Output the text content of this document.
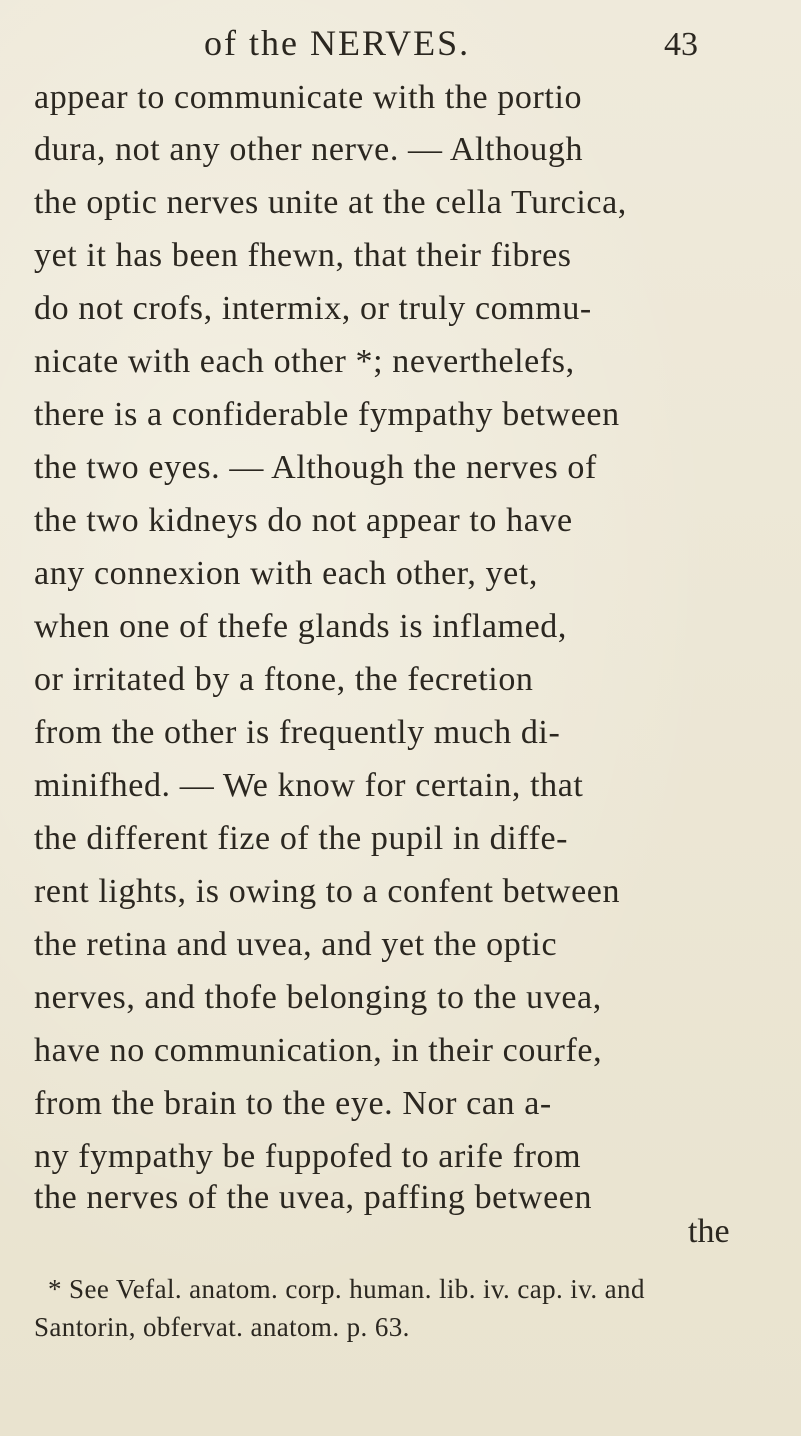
of the NERVES.	43
appear to communicate with the portio
dura, not any other nerve. — Although
the optic nerves unite at the cella Turcica,
yet it has been fhewn, that their fibres
do not crofs, intermix, or truly commu-
nicate with each other *; neverthelefs,
there is a confiderable fympathy between
the two eyes. — Although the nerves of
the two kidneys do not appear to have
any connexion with each other, yet,
when one of thefe glands is inflamed,
or irritated by a ftone, the fecretion
from the other is frequently much di-
minifhed. — We know for certain, that
the different fize of the pupil in diffe-
rent lights, is owing to a confent between
the retina and uvea, and yet the optic
nerves, and thofe belonging to the uvea,
have no communication, in their courfe,
from the brain to the eye. Nor can a-
ny fympathy be fuppofed to arife from
the nerves of the uvea, paffing between
the
* See Vefal. anatom. corp. human. lib. iv. cap. iv. and
Santorin, obfervat. anatom. p. 63.
